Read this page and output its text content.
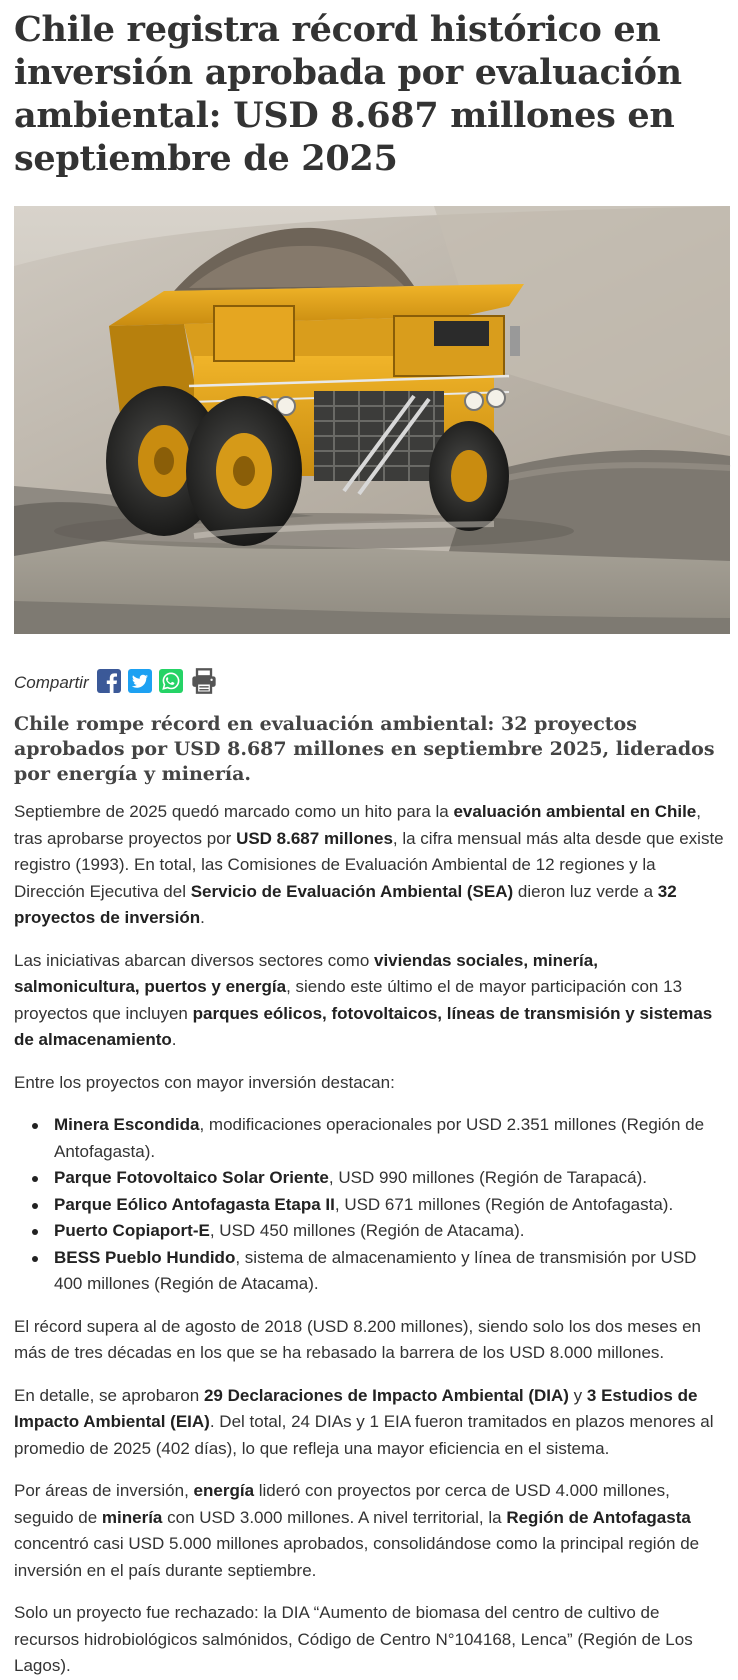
Chile registra récord histórico en inversión aprobada por evaluación ambiental: USD 8.687 millones en septiembre de 2025
Compartir
Chile rompe récord en evaluación ambiental: 32 proyectos aprobados por USD 8.687 millones en septiembre 2025, liderados por energía y minería.

Septiembre de 2025 quedó marcado como un hito para la evaluación ambiental en Chile, tras aprobarse proyectos por USD 8.687 millones, la cifra mensual más alta desde que existe registro (1993). En total, las Comisiones de Evaluación Ambiental de 12 regiones y la Dirección Ejecutiva del Servicio de Evaluación Ambiental (SEA) dieron luz verde a 32 proyectos de inversión.

Las iniciativas abarcan diversos sectores como viviendas sociales, minería, salmonicultura, puertos y energía, siendo este último el de mayor participación con 13 proyectos que incluyen parques eólicos, fotovoltaicos, líneas de transmisión y sistemas de almacenamiento.

Entre los proyectos con mayor inversión destacan:

Minera Escondida, modificaciones operacionales por USD 2.351 millones (Región de Antofagasta).
Parque Fotovoltaico Solar Oriente, USD 990 millones (Región de Tarapacá).
Parque Eólico Antofagasta Etapa II, USD 671 millones (Región de Antofagasta).
Puerto Copiaport-E, USD 450 millones (Región de Atacama).
BESS Pueblo Hundido, sistema de almacenamiento y línea de transmisión por USD 400 millones (Región de Atacama).

El récord supera al de agosto de 2018 (USD 8.200 millones), siendo solo los dos meses en más de tres décadas en los que se ha rebasado la barrera de los USD 8.000 millones.

En detalle, se aprobaron 29 Declaraciones de Impacto Ambiental (DIA) y 3 Estudios de Impacto Ambiental (EIA). Del total, 24 DIAs y 1 EIA fueron tramitados en plazos menores al promedio de 2025 (402 días), lo que refleja una mayor eficiencia en el sistema.

Por áreas de inversión, energía lideró con proyectos por cerca de USD 4.000 millones, seguido de minería con USD 3.000 millones. A nivel territorial, la Región de Antofagasta concentró casi USD 5.000 millones aprobados, consolidándose como la principal región de inversión en el país durante septiembre.

Solo un proyecto fue rechazado: la DIA “Aumento de biomasa del centro de cultivo de recursos hidrobiológicos salmónidos, Código de Centro N°104168, Lenca” (Región de Los Lagos).
